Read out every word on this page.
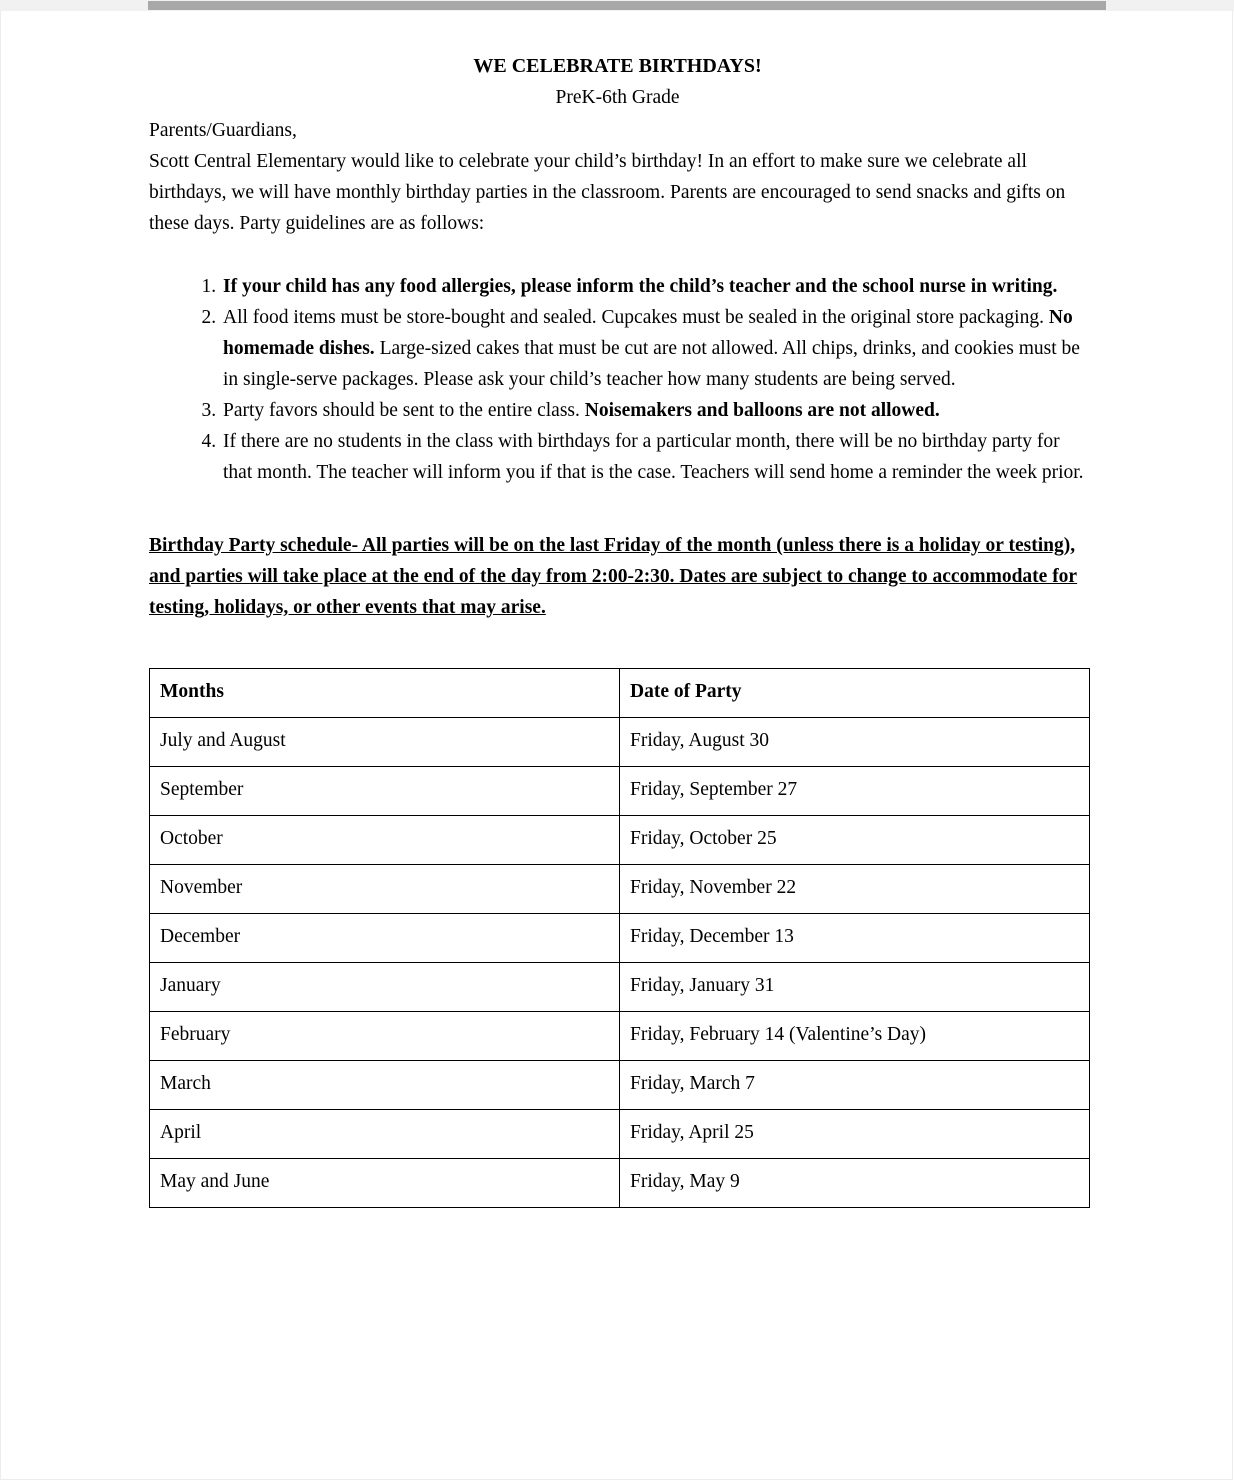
WE CELEBRATE BIRTHDAYS!
PreK-6th Grade

Parents/Guardians,

Scott Central Elementary would like to celebrate your child’s birthday! In an effort to make sure we celebrate all birthdays, we will have monthly birthday parties in the classroom. Parents are encouraged to send snacks and gifts on these days. Party guidelines are as follows:

1. If your child has any food allergies, please inform the child’s teacher and the school nurse in writing.
2. All food items must be store-bought and sealed. Cupcakes must be sealed in the original store packaging. No homemade dishes. Large-sized cakes that must be cut are not allowed. All chips, drinks, and cookies must be in single-serve packages. Please ask your child’s teacher how many students are being served.
3. Party favors should be sent to the entire class. Noisemakers and balloons are not allowed.
4. If there are no students in the class with birthdays for a particular month, there will be no birthday party for that month. The teacher will inform you if that is the case. Teachers will send home a reminder the week prior.

Birthday Party schedule- All parties will be on the last Friday of the month (unless there is a holiday or testing), and parties will take place at the end of the day from 2:00-2:30. Dates are subject to change to accommodate for testing, holidays, or other events that may arise.

Months	Date of Party
July and August	Friday, August 30
September	Friday, September 27
October	Friday, October 25
November	Friday, November 22
December	Friday, December 13
January	Friday, January 31
February	Friday, February 14 (Valentine’s Day)
March	Friday, March 7
April	Friday, April 25
May and June	Friday, May 9
